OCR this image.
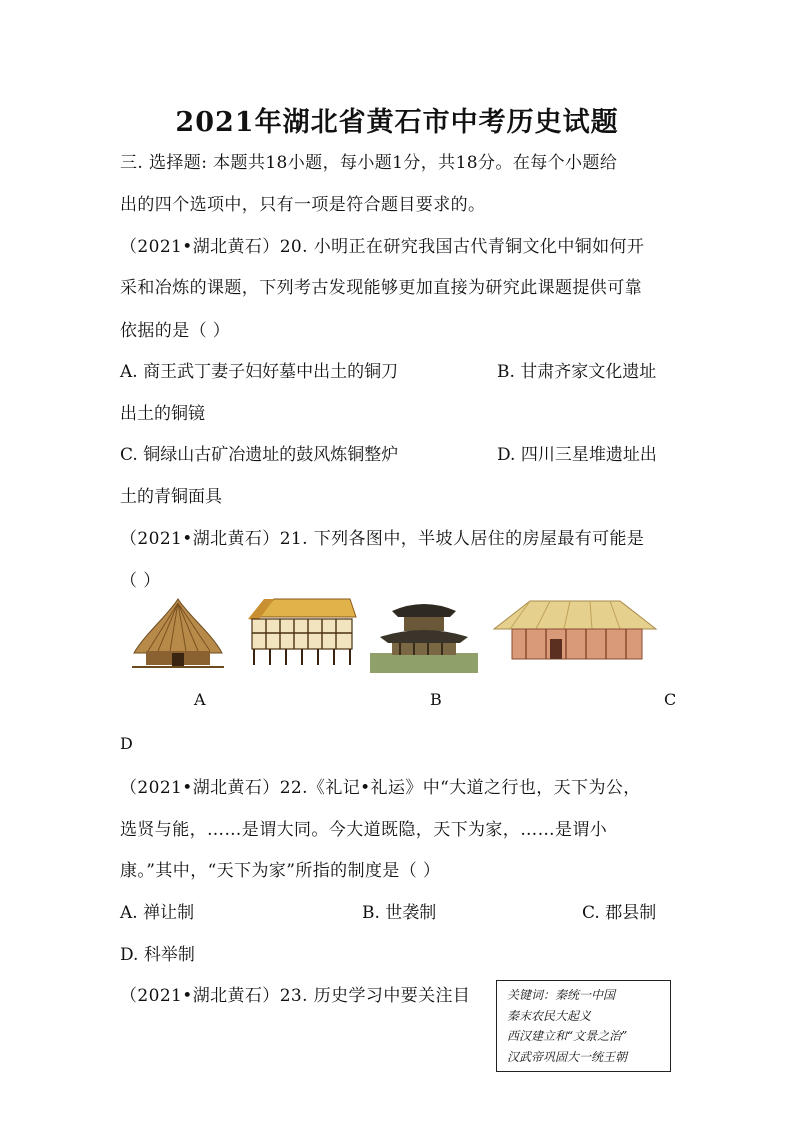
2021年湖北省黄石市中考历史试题
三. 选择题: 本题共18小题，每小题1分，共18分。在每个小题给
出的四个选项中，只有一项是符合题目要求的。
（2021•湖北黄石）20. 小明正在研究我国古代青铜文化中铜如何开
采和冶炼的课题，下列考古发现能够更加直接为研究此课题提供可靠
依据的是（ ）
A. 商王武丁妻子妇好墓中出土的铜刀	B. 甘肃齐家文化遗址
出土的铜镜
C. 铜绿山古矿冶遗址的鼓风炼铜整炉	D. 四川三星堆遗址出
土的青铜面具
（2021•湖北黄石）21. 下列各图中，半坡人居住的房屋最有可能是
（ ）
A	B	C
D
（2021•湖北黄石）22.《礼记•礼运》中“大道之行也，天下为公，
选贤与能，……是谓大同。今大道既隐，天下为家，……是谓小
康。”其中，“天下为家”所指的制度是（ ）
A. 禅让制	B. 世袭制	C. 郡县制
D. 科举制
（2021•湖北黄石）23. 历史学习中要关注目	关键词：秦统一中国
秦末农民大起义
西汉建立和“文景之治”
汉武帝巩固大一统王朝
